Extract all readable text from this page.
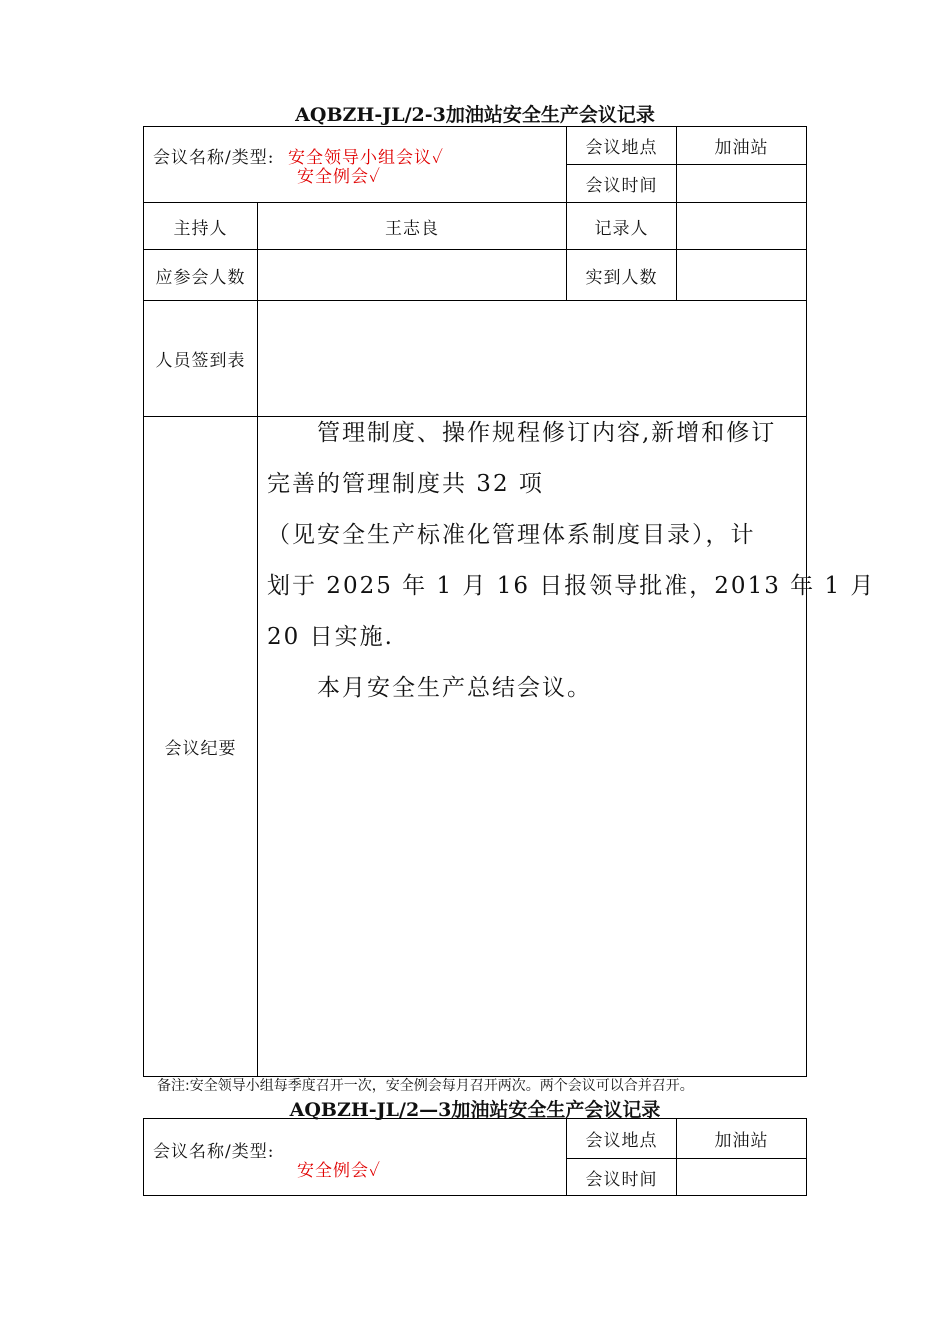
AQBZH-JL/2-3加油站安全生产会议记录
会议名称/类型: 安全领导小组会议✓
安全例会✓
会议地点	加油站
会议时间
主持人	王志良	记录人
应参会人数	实到人数
人员签到表
会议纪要

管理制度、操作规程修订内容,新增和修订

完善的管理制度共 32 项

（见安全生产标准化管理体系制度目录），计

划于 2025 年 1 月 16 日报领导批准，2013 年 1 月

20 日实施.

本月安全生产总结会议。

备注:安全领导小组每季度召开一次，安全例会每月召开两次。两个会议可以合并召开。
AQBZH-JL/2—3加油站安全生产会议记录
会议名称/类型:
安全例会✓
会议地点	加油站
会议时间
